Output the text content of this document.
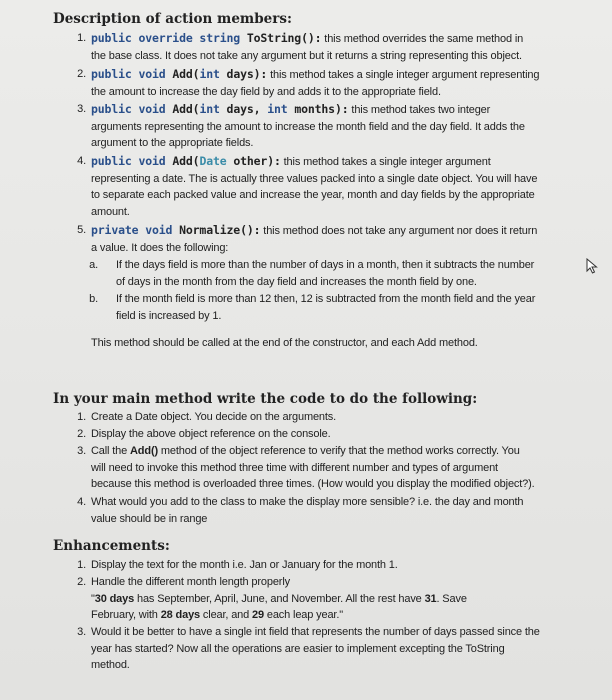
Description of action members:
1. public override string ToString(): this method overrides the same method in
the base class. It does not take any argument but it returns a string representing this object.
2. public void Add(int days): this method takes a single integer argument representing
the amount to increase the day field by and adds it to the appropriate field.
3. public void Add(int days, int months): this method takes two integer
arguments representing the amount to increase the month field and the day field. It adds the
argument to the appropriate fields.
4. public void Add(Date other): this method takes a single integer argument
representing a date. The is actually three values packed into a single date object. You will have
to separate each packed value and increase the year, month and day fields by the appropriate
amount.
5. private void Normalize(): this method does not take any argument nor does it return
a value. It does the following:
a. If the days field is more than the number of days in a month, then it subtracts the number
of days in the month from the day field and increases the month field by one.
b. If the month field is more than 12 then, 12 is subtracted from the month field and the year
field is increased by 1.
This method should be called at the end of the constructor, and each Add method.
In your main method write the code to do the following:
1. Create a Date object. You decide on the arguments.
2. Display the above object reference on the console.
3. Call the Add() method of the object reference to verify that the method works correctly. You
will need to invoke this method three time with different number and types of argument
because this method is overloaded three times. (How would you display the modified object?).
4. What would you add to the class to make the display more sensible? i.e. the day and month
value should be in range
Enhancements:
1. Display the text for the month i.e. Jan or January for the month 1.
2. Handle the different month length properly
"30 days has September, April, June, and November. All the rest have 31. Save
February, with 28 days clear, and 29 each leap year."
3. Would it be better to have a single int field that represents the number of days passed since the
year has started? Now all the operations are easier to implement excepting the ToString
method.
